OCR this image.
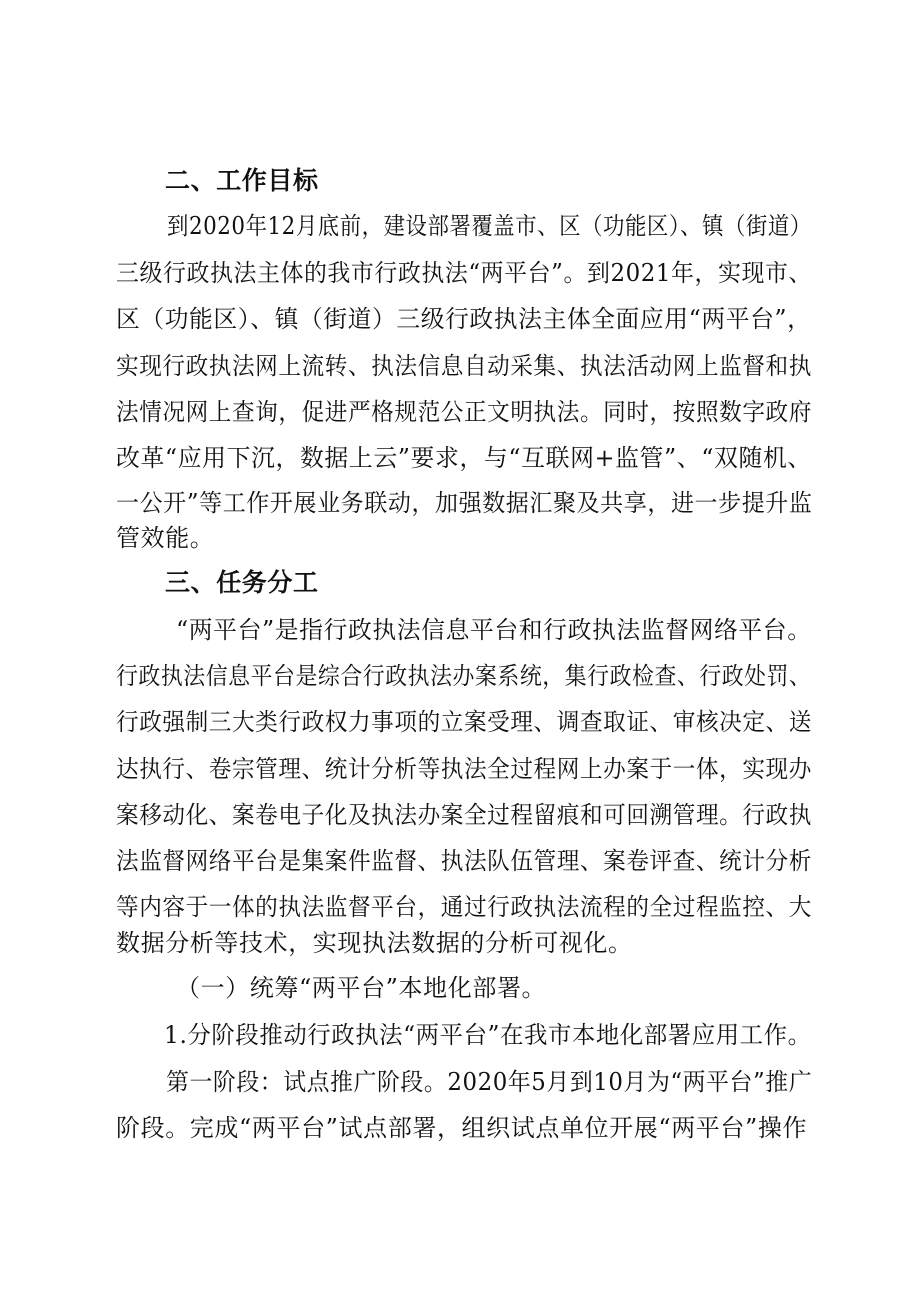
二、工作目标
到2020年12月底前，建设部署覆盖市、区（功能区）、镇（街道）
三级行政执法主体的我市行政执法“两平台”。到2021年，实现市、
区（功能区）、镇（街道）三级行政执法主体全面应用“两平台”，
实现行政执法网上流转、执法信息自动采集、执法活动网上监督和执
法情况网上查询，促进严格规范公正文明执法。同时，按照数字政府
改革“应用下沉，数据上云”要求，与“互联网+监管”、“双随机、
一公开”等工作开展业务联动，加强数据汇聚及共享，进一步提升监
管效能。
三、任务分工
“两平台”是指行政执法信息平台和行政执法监督网络平台。
行政执法信息平台是综合行政执法办案系统，集行政检查、行政处罚、
行政强制三大类行政权力事项的立案受理、调查取证、审核决定、送
达执行、卷宗管理、统计分析等执法全过程网上办案于一体，实现办
案移动化、案卷电子化及执法办案全过程留痕和可回溯管理。行政执
法监督网络平台是集案件监督、执法队伍管理、案卷评查、统计分析
等内容于一体的执法监督平台，通过行政执法流程的全过程监控、大
数据分析等技术，实现执法数据的分析可视化。
（一）统筹“两平台”本地化部署。
1.分阶段推动行政执法“两平台”在我市本地化部署应用工作。
第一阶段：试点推广阶段。2020年5月到10月为“两平台”推广
阶段。完成“两平台”试点部署，组织试点单位开展“两平台”操作
